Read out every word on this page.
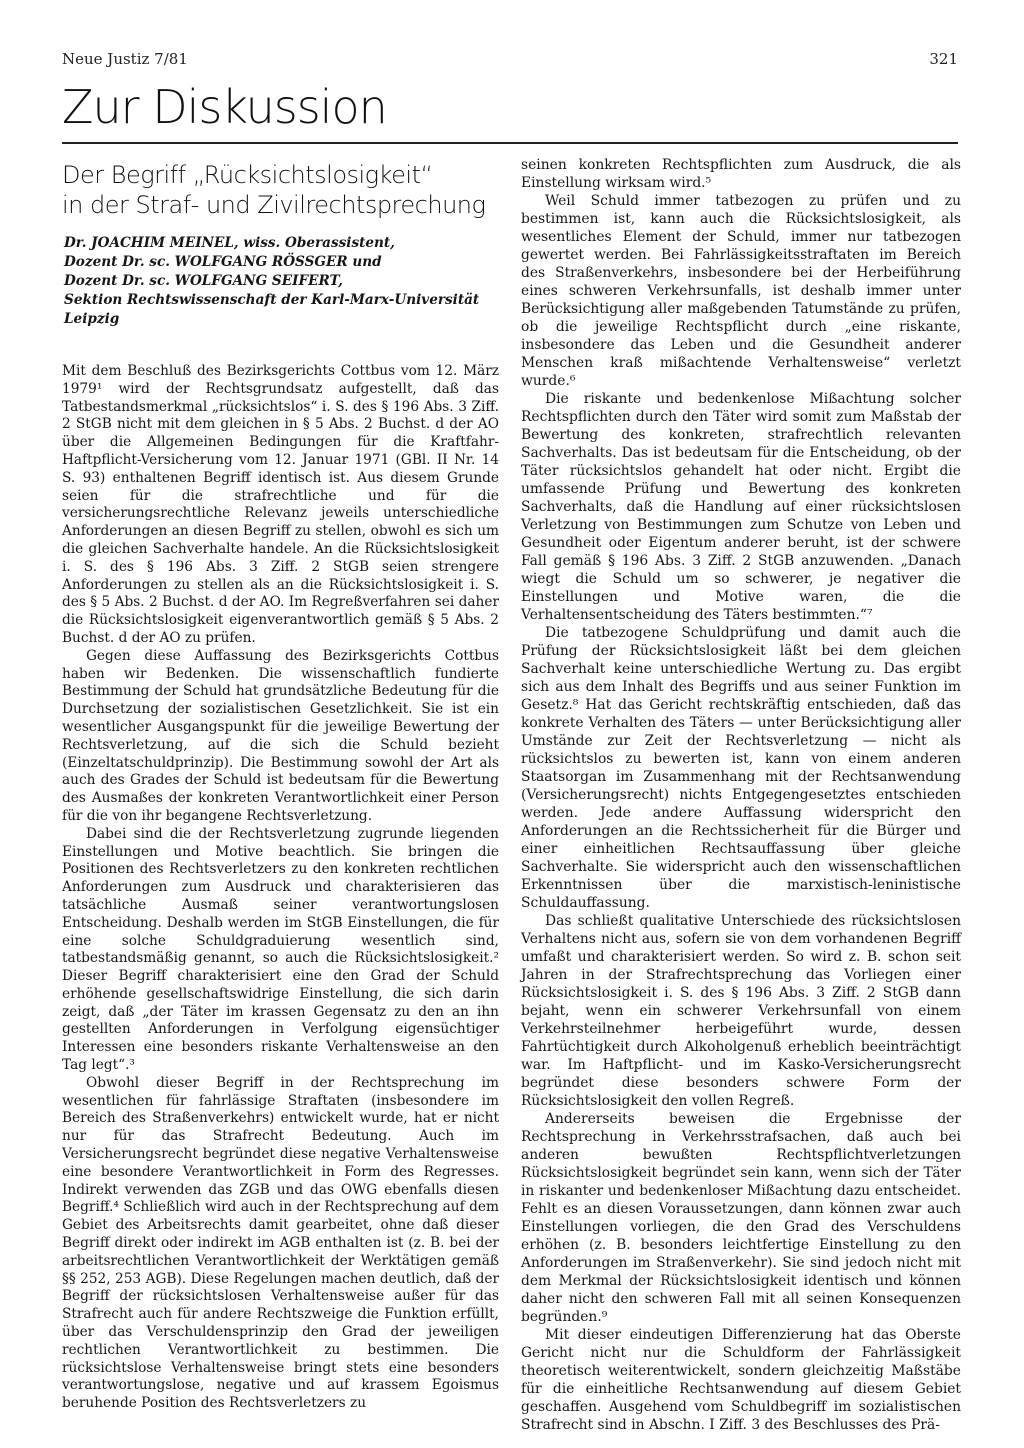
Neue Justiz 7/81	321
Zur Diskussion
Der Begriff „Rücksichtslosigkeit“
in der Straf- und Zivilrechtsprechung
Dr. JOACHIM MEINEL, wiss. Oberassistent,
Dozent Dr. sc. WOLFGANG RÖSSGER und
Dozent Dr. sc. WOLFGANG SEIFERT,
Sektion Rechtswissenschaft der Karl-Marx-Universität
Leipzig

Mit dem Beschluß des Bezirksgerichts Cottbus vom 12. März 1979¹ wird der Rechtsgrundsatz aufgestellt, daß das Tatbestandsmerkmal „rücksichtslos“ i. S. des § 196 Abs. 3 Ziff. 2 StGB nicht mit dem gleichen in § 5 Abs. 2 Buchst. d der AO über die Allgemeinen Bedingungen für die Kraftfahr-Haftpflicht-Versicherung vom 12. Januar 1971 (GBl. II Nr. 14 S. 93) enthaltenen Begriff identisch ist. Aus diesem Grunde seien für die strafrechtliche und für die versicherungsrechtliche Relevanz jeweils unterschiedliche Anforderungen an diesen Begriff zu stellen, obwohl es sich um die gleichen Sachverhalte handele. An die Rücksichtslosigkeit i. S. des § 196 Abs. 3 Ziff. 2 StGB seien strengere Anforderungen zu stellen als an die Rücksichtslosigkeit i. S. des § 5 Abs. 2 Buchst. d der AO. Im Regreßverfahren sei daher die Rücksichtslosigkeit eigenverantwortlich gemäß § 5 Abs. 2 Buchst. d der AO zu prüfen.

Gegen diese Auffassung des Bezirksgerichts Cottbus haben wir Bedenken. Die wissenschaftlich fundierte Bestimmung der Schuld hat grundsätzliche Bedeutung für die Durchsetzung der sozialistischen Gesetzlichkeit. Sie ist ein wesentlicher Ausgangspunkt für die jeweilige Bewertung der Rechtsverletzung, auf die sich die Schuld bezieht (Einzeltatschuldprinzip). Die Bestimmung sowohl der Art als auch des Grades der Schuld ist bedeutsam für die Bewertung des Ausmaßes der konkreten Verantwortlichkeit einer Person für die von ihr begangene Rechtsverletzung.

Dabei sind die der Rechtsverletzung zugrunde liegenden Einstellungen und Motive beachtlich. Sie bringen die Positionen des Rechtsverletzers zu den konkreten rechtlichen Anforderungen zum Ausdruck und charakterisieren das tatsächliche Ausmaß seiner verantwortungslosen Entscheidung. Deshalb werden im StGB Einstellungen, die für eine solche Schuldgraduierung wesentlich sind, tatbestandsmäßig genannt, so auch die Rücksichtslosigkeit.² Dieser Begriff charakterisiert eine den Grad der Schuld erhöhende gesellschaftswidrige Einstellung, die sich darin zeigt, daß „der Täter im krassen Gegensatz zu den an ihn gestellten Anforderungen in Verfolgung eigensüchtiger Interessen eine besonders riskante Verhaltensweise an den Tag legt“.³

Obwohl dieser Begriff in der Rechtsprechung im wesentlichen für fahrlässige Straftaten (insbesondere im Bereich des Straßenverkehrs) entwickelt wurde, hat er nicht nur für das Strafrecht Bedeutung. Auch im Versicherungsrecht begründet diese negative Verhaltensweise eine besondere Verantwortlichkeit in Form des Regresses. Indirekt verwenden das ZGB und das OWG ebenfalls diesen Begriff.⁴ Schließlich wird auch in der Rechtsprechung auf dem Gebiet des Arbeitsrechts damit gearbeitet, ohne daß dieser Begriff direkt oder indirekt im AGB enthalten ist (z. B. bei der arbeitsrechtlichen Verantwortlichkeit der Werktätigen gemäß §§ 252, 253 AGB). Diese Regelungen machen deutlich, daß der Begriff der rücksichtslosen Verhaltensweise außer für das Strafrecht auch für andere Rechtszweige die Funktion erfüllt, über das Verschuldensprinzip den Grad der jeweiligen rechtlichen Verantwortlichkeit zu bestimmen. Die rücksichtslose Verhaltensweise bringt stets eine besonders verantwortungslose, negative und auf krassem Egoismus beruhende Position des Rechtsverletzers zu

seinen konkreten Rechtspflichten zum Ausdruck, die als Einstellung wirksam wird.⁵

Weil Schuld immer tatbezogen zu prüfen und zu bestimmen ist, kann auch die Rücksichtslosigkeit, als wesentliches Element der Schuld, immer nur tatbezogen gewertet werden. Bei Fahrlässigkeitsstraftaten im Bereich des Straßenverkehrs, insbesondere bei der Herbeiführung eines schweren Verkehrsunfalls, ist deshalb immer unter Berücksichtigung aller maßgebenden Tatumstände zu prüfen, ob die jeweilige Rechtspflicht durch „eine riskante, insbesondere das Leben und die Gesundheit anderer Menschen kraß mißachtende Verhaltensweise“ verletzt wurde.⁶

Die riskante und bedenkenlose Mißachtung solcher Rechtspflichten durch den Täter wird somit zum Maßstab der Bewertung des konkreten, strafrechtlich relevanten Sachverhalts. Das ist bedeutsam für die Entscheidung, ob der Täter rücksichtslos gehandelt hat oder nicht. Ergibt die umfassende Prüfung und Bewertung des konkreten Sachverhalts, daß die Handlung auf einer rücksichtslosen Verletzung von Bestimmungen zum Schutze von Leben und Gesundheit oder Eigentum anderer beruht, ist der schwere Fall gemäß § 196 Abs. 3 Ziff. 2 StGB anzuwenden. „Danach wiegt die Schuld um so schwerer, je negativer die Einstellungen und Motive waren, die die Verhaltensentscheidung des Täters bestimmten.“⁷

Die tatbezogene Schuldprüfung und damit auch die Prüfung der Rücksichtslosigkeit läßt bei dem gleichen Sachverhalt keine unterschiedliche Wertung zu. Das ergibt sich aus dem Inhalt des Begriffs und aus seiner Funktion im Gesetz.⁸ Hat das Gericht rechtskräftig entschieden, daß das konkrete Verhalten des Täters — unter Berücksichtigung aller Umstände zur Zeit der Rechtsverletzung — nicht als rücksichtslos zu bewerten ist, kann von einem anderen Staatsorgan im Zusammenhang mit der Rechtsanwendung (Versicherungsrecht) nichts Entgegengesetztes entschieden werden. Jede andere Auffassung widerspricht den Anforderungen an die Rechtssicherheit für die Bürger und einer einheitlichen Rechtsauffassung über gleiche Sachverhalte. Sie widerspricht auch den wissenschaftlichen Erkenntnissen über die marxistisch-leninistische Schuldauffassung.

Das schließt qualitative Unterschiede des rücksichtslosen Verhaltens nicht aus, sofern sie von dem vorhandenen Begriff umfaßt und charakterisiert werden. So wird z. B. schon seit Jahren in der Strafrechtsprechung das Vorliegen einer Rücksichtslosigkeit i. S. des § 196 Abs. 3 Ziff. 2 StGB dann bejaht, wenn ein schwerer Verkehrsunfall von einem Verkehrsteilnehmer herbeigeführt wurde, dessen Fahrtüchtigkeit durch Alkoholgenuß erheblich beeinträchtigt war. Im Haftpflicht- und im Kasko-Versicherungsrecht begründet diese besonders schwere Form der Rücksichtslosigkeit den vollen Regreß.

Andererseits beweisen die Ergebnisse der Rechtsprechung in Verkehrsstrafsachen, daß auch bei anderen bewußten Rechtspflichtverletzungen Rücksichtslosigkeit begründet sein kann, wenn sich der Täter in riskanter und bedenkenloser Mißachtung dazu entscheidet. Fehlt es an diesen Voraussetzungen, dann können zwar auch Einstellungen vorliegen, die den Grad des Verschuldens erhöhen (z. B. besonders leichtfertige Einstellung zu den Anforderungen im Straßenverkehr). Sie sind jedoch nicht mit dem Merkmal der Rücksichtslosigkeit identisch und können daher nicht den schweren Fall mit all seinen Konsequenzen begründen.⁹

Mit dieser eindeutigen Differenzierung hat das Oberste Gericht nicht nur die Schuldform der Fahrlässigkeit theoretisch weiterentwickelt, sondern gleichzeitig Maßstäbe für die einheitliche Rechtsanwendung auf diesem Gebiet geschaffen. Ausgehend vom Schuldbegriff im sozialistischen Strafrecht sind in Abschn. I Ziff. 3 des Beschlusses des Prä-
